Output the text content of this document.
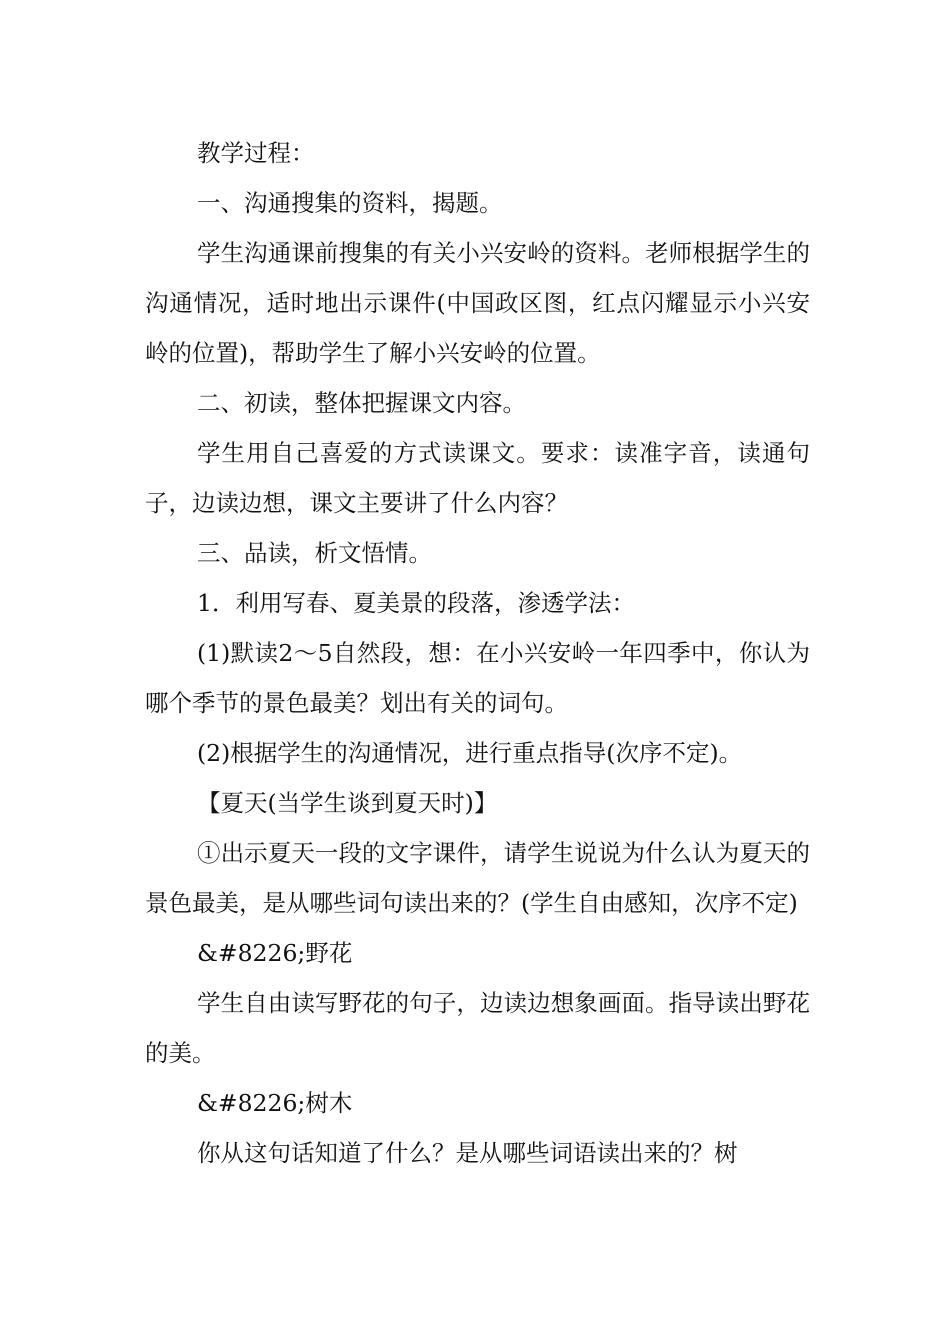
教学过程：

一、沟通搜集的资料，揭题。

学生沟通课前搜集的有关小兴安岭的资料。老师根据学生的沟通情况，适时地出示课件(中国政区图，红点闪耀显示小兴安岭的位置)，帮助学生了解小兴安岭的位置。

二、初读，整体把握课文内容。

学生用自己喜爱的方式读课文。要求：读准字音，读通句子，边读边想，课文主要讲了什么内容？

三、品读，析文悟情。

1．利用写春、夏美景的段落，渗透学法：

(1)默读2～5自然段，想：在小兴安岭一年四季中，你认为哪个季节的景色最美？划出有关的词句。

(2)根据学生的沟通情况，进行重点指导(次序不定)。

【夏天(当学生谈到夏天时)】

①出示夏天一段的文字课件，请学生说说为什么认为夏天的景色最美，是从哪些词句读出来的？(学生自由感知，次序不定)

&#8226;野花

学生自由读写野花的句子，边读边想象画面。指导读出野花的美。

&#8226;树木

你从这句话知道了什么？是从哪些词语读出来的？树
